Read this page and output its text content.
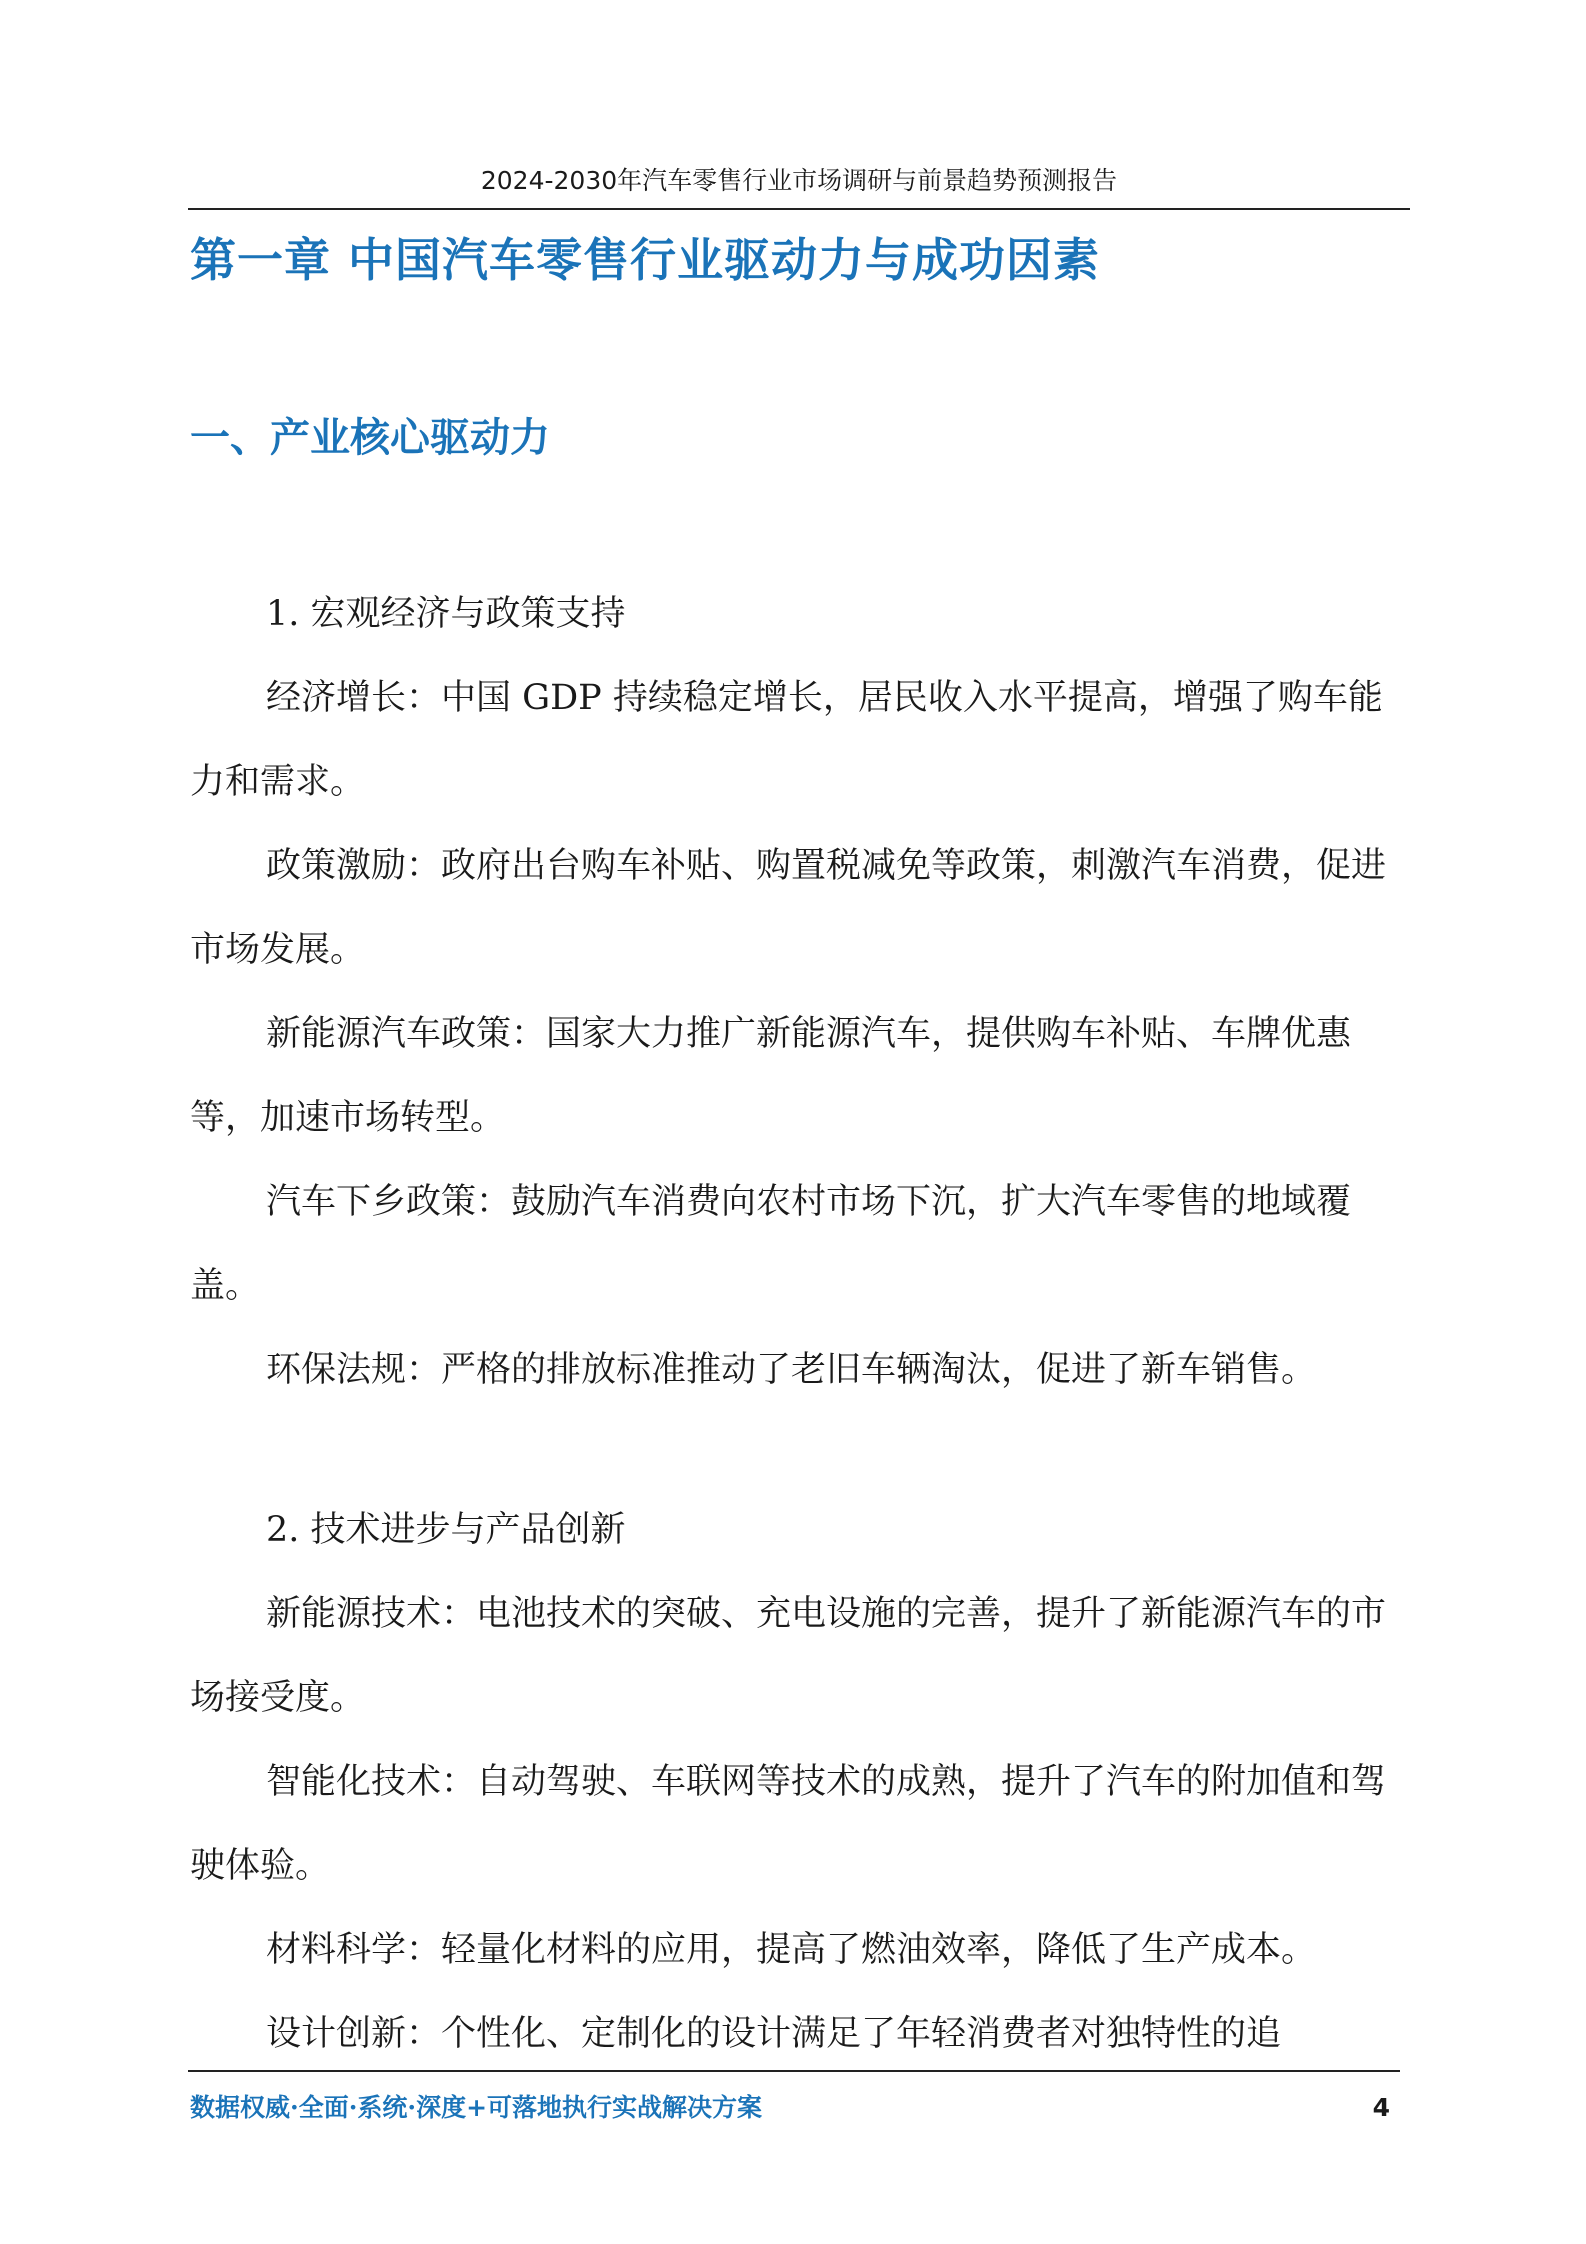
2024-2030年汽车零售行业市场调研与前景趋势预测报告
第一章 中国汽车零售行业驱动力与成功因素
一、产业核心驱动力

1. 宏观经济与政策支持

经济增长：中国 GDP 持续稳定增长，居民收入水平提高，增强了购车能力和需求。

政策激励：政府出台购车补贴、购置税减免等政策，刺激汽车消费，促进市场发展。

新能源汽车政策：国家大力推广新能源汽车，提供购车补贴、车牌优惠等，加速市场转型。

汽车下乡政策：鼓励汽车消费向农村市场下沉，扩大汽车零售的地域覆盖。

环保法规：严格的排放标准推动了老旧车辆淘汰，促进了新车销售。

2. 技术进步与产品创新

新能源技术：电池技术的突破、充电设施的完善，提升了新能源汽车的市场接受度。

智能化技术：自动驾驶、车联网等技术的成熟，提升了汽车的附加值和驾驶体验。

材料科学：轻量化材料的应用，提高了燃油效率，降低了生产成本。

设计创新：个性化、定制化的设计满足了年轻消费者对独特性的追

数据权威·全面·系统·深度+可落地执行实战解决方案	4
